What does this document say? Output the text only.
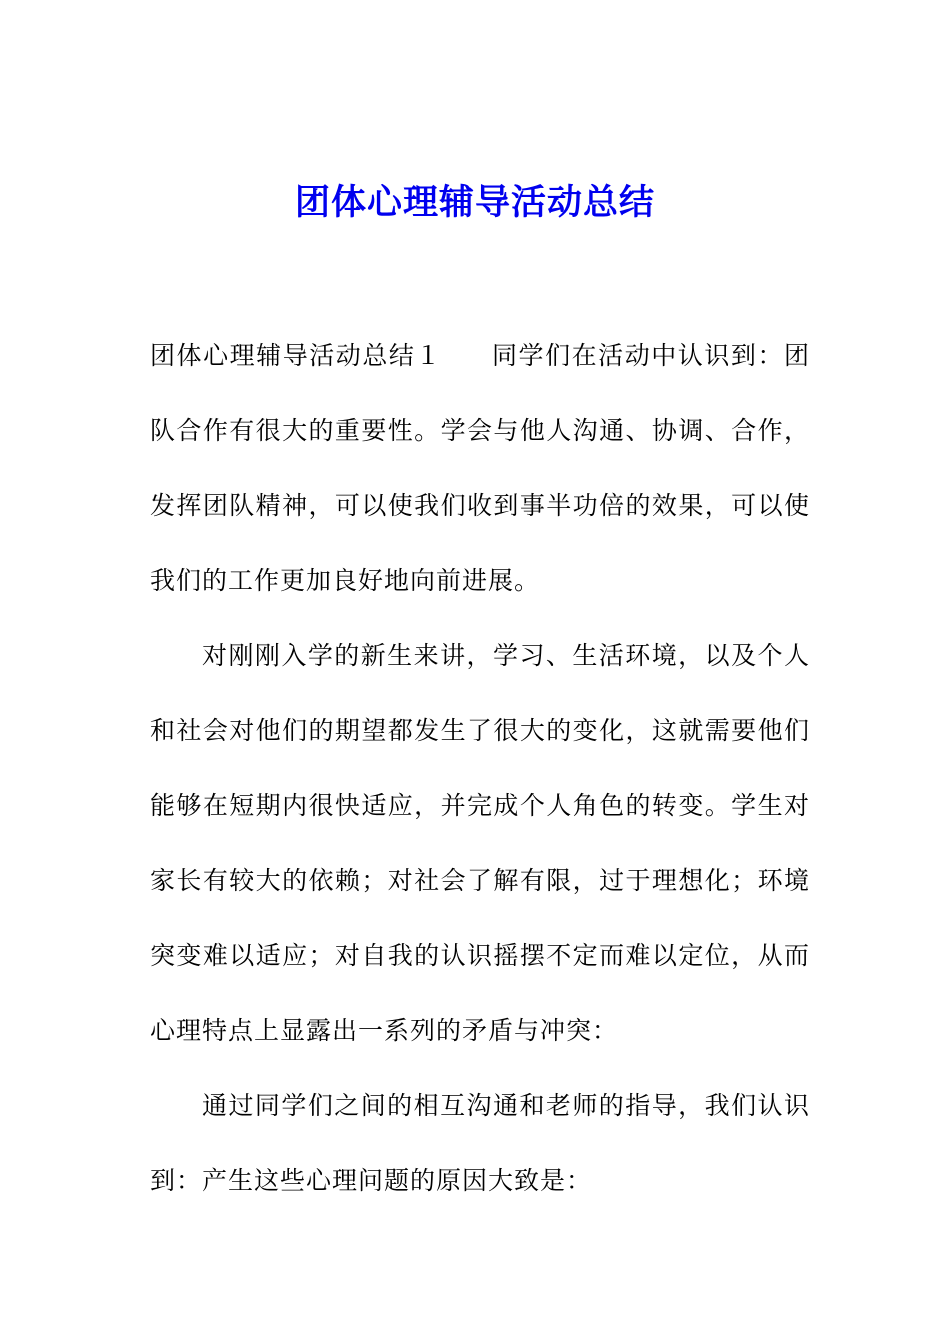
团体心理辅导活动总结

团体心理辅导活动总结１ 同学们在活动中认识到：团队合作有很大的重要性。学会与他人沟通、协调、合作，发挥团队精神，可以使我们收到事半功倍的效果，可以使我们的工作更加良好地向前进展。

对刚刚入学的新生来讲，学习、生活环境，以及个人和社会对他们的期望都发生了很大的变化，这就需要他们能够在短期内很快适应，并完成个人角色的转变。学生对家长有较大的依赖；对社会了解有限，过于理想化；环境突变难以适应；对自我的认识摇摆不定而难以定位，从而心理特点上显露出一系列的矛盾与冲突：

通过同学们之间的相互沟通和老师的指导，我们认识到：产生这些心理问题的原因大致是：
